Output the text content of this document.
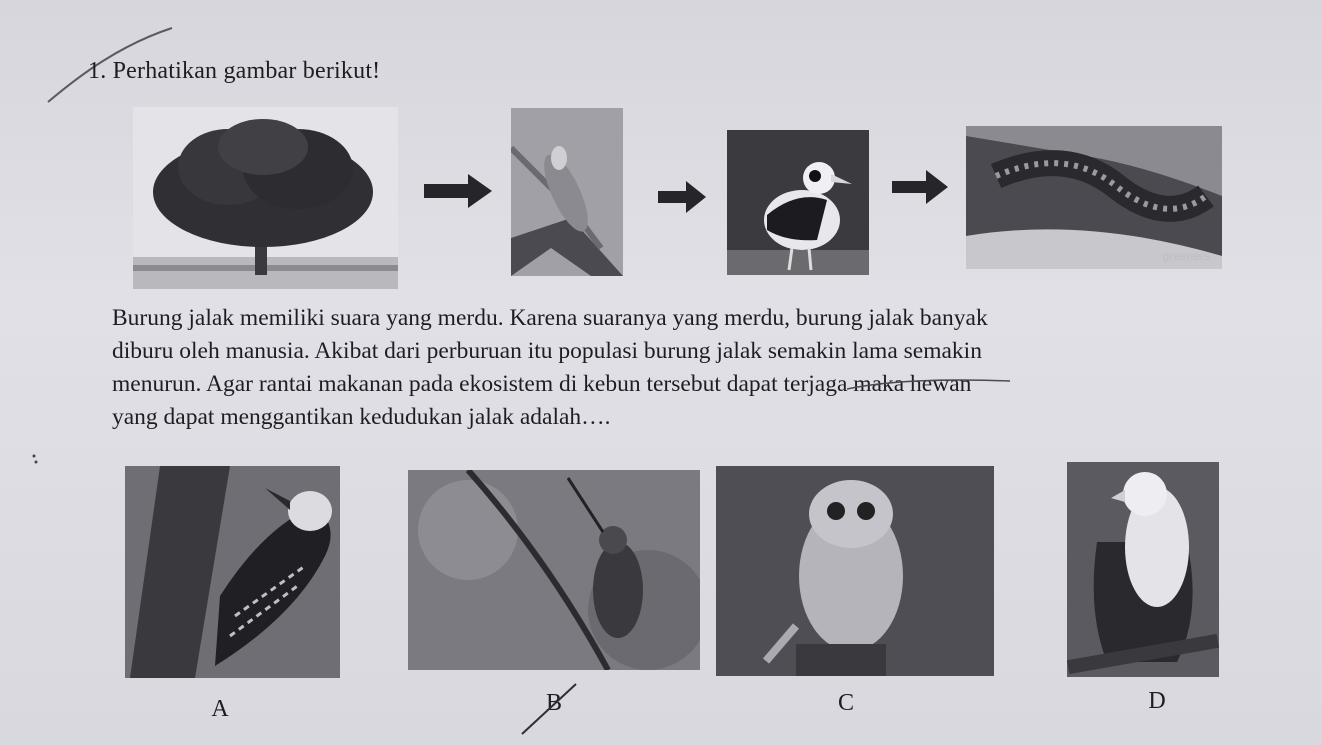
1. Perhatikan gambar berikut!
greeners
Burung jalak memiliki suara yang merdu. Karena suaranya yang merdu, burung jalak banyak
diburu oleh manusia. Akibat dari perburuan itu populasi burung jalak semakin lama semakin
menurun. Agar rantai makanan pada ekosistem di kebun tersebut dapat terjaga maka hewan
yang dapat menggantikan kedudukan jalak adalah….
A	B	C	D
